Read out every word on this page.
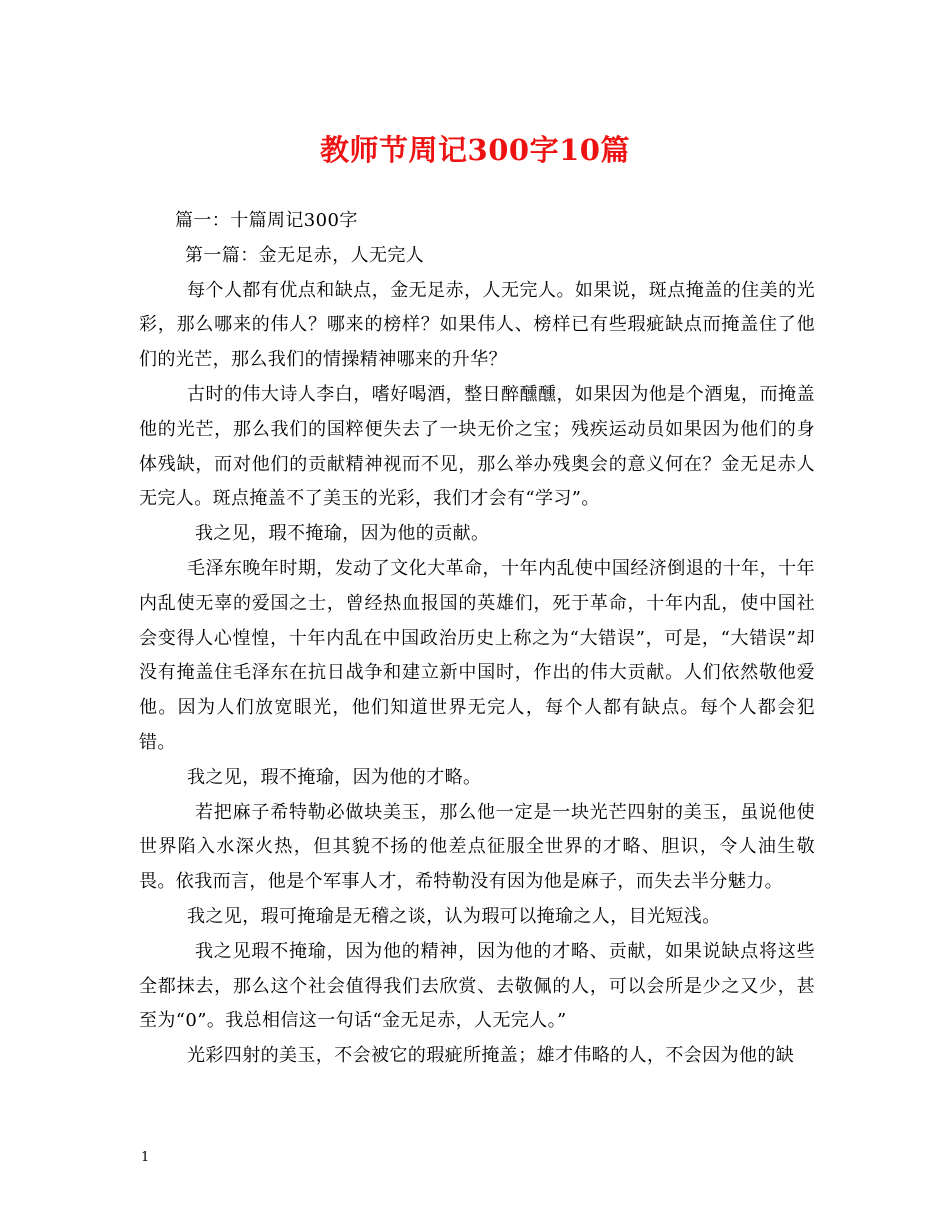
教师节周记300字10篇

篇一：十篇周记300字

第一篇：金无足赤，人无完人

每个人都有优点和缺点，金无足赤，人无完人。如果说，斑点掩盖的住美的光彩，那么哪来的伟人？哪来的榜样？如果伟人、榜样已有些瑕疵缺点而掩盖住了他们的光芒，那么我们的情操精神哪来的升华？

古时的伟大诗人李白，嗜好喝酒，整日醉醺醺，如果因为他是个酒鬼，而掩盖他的光芒，那么我们的国粹便失去了一块无价之宝；残疾运动员如果因为他们的身体残缺，而对他们的贡献精神视而不见，那么举办残奥会的意义何在？金无足赤人无完人。斑点掩盖不了美玉的光彩，我们才会有“学习”。

我之见，瑕不掩瑜，因为他的贡献。

毛泽东晚年时期，发动了文化大革命，十年内乱使中国经济倒退的十年，十年内乱使无辜的爱国之士，曾经热血报国的英雄们，死于革命，十年内乱，使中国社会变得人心惶惶，十年内乱在中国政治历史上称之为“大错误”，可是，“大错误”却没有掩盖住毛泽东在抗日战争和建立新中国时，作出的伟大贡献。人们依然敬他爱他。因为人们放宽眼光，他们知道世界无完人，每个人都有缺点。每个人都会犯错。

我之见，瑕不掩瑜，因为他的才略。

若把麻子希特勒必做块美玉，那么他一定是一块光芒四射的美玉，虽说他使世界陷入水深火热，但其貌不扬的他差点征服全世界的才略、胆识，令人油生敬畏。依我而言，他是个军事人才，希特勒没有因为他是麻子，而失去半分魅力。

我之见，瑕可掩瑜是无稽之谈，认为瑕可以掩瑜之人，目光短浅。

我之见瑕不掩瑜，因为他的精神，因为他的才略、贡献，如果说缺点将这些全都抹去，那么这个社会值得我们去欣赏、去敬佩的人，可以会所是少之又少，甚至为“0”。我总相信这一句话“金无足赤，人无完人。”

光彩四射的美玉，不会被它的瑕疵所掩盖；雄才伟略的人，不会因为他的缺

1
